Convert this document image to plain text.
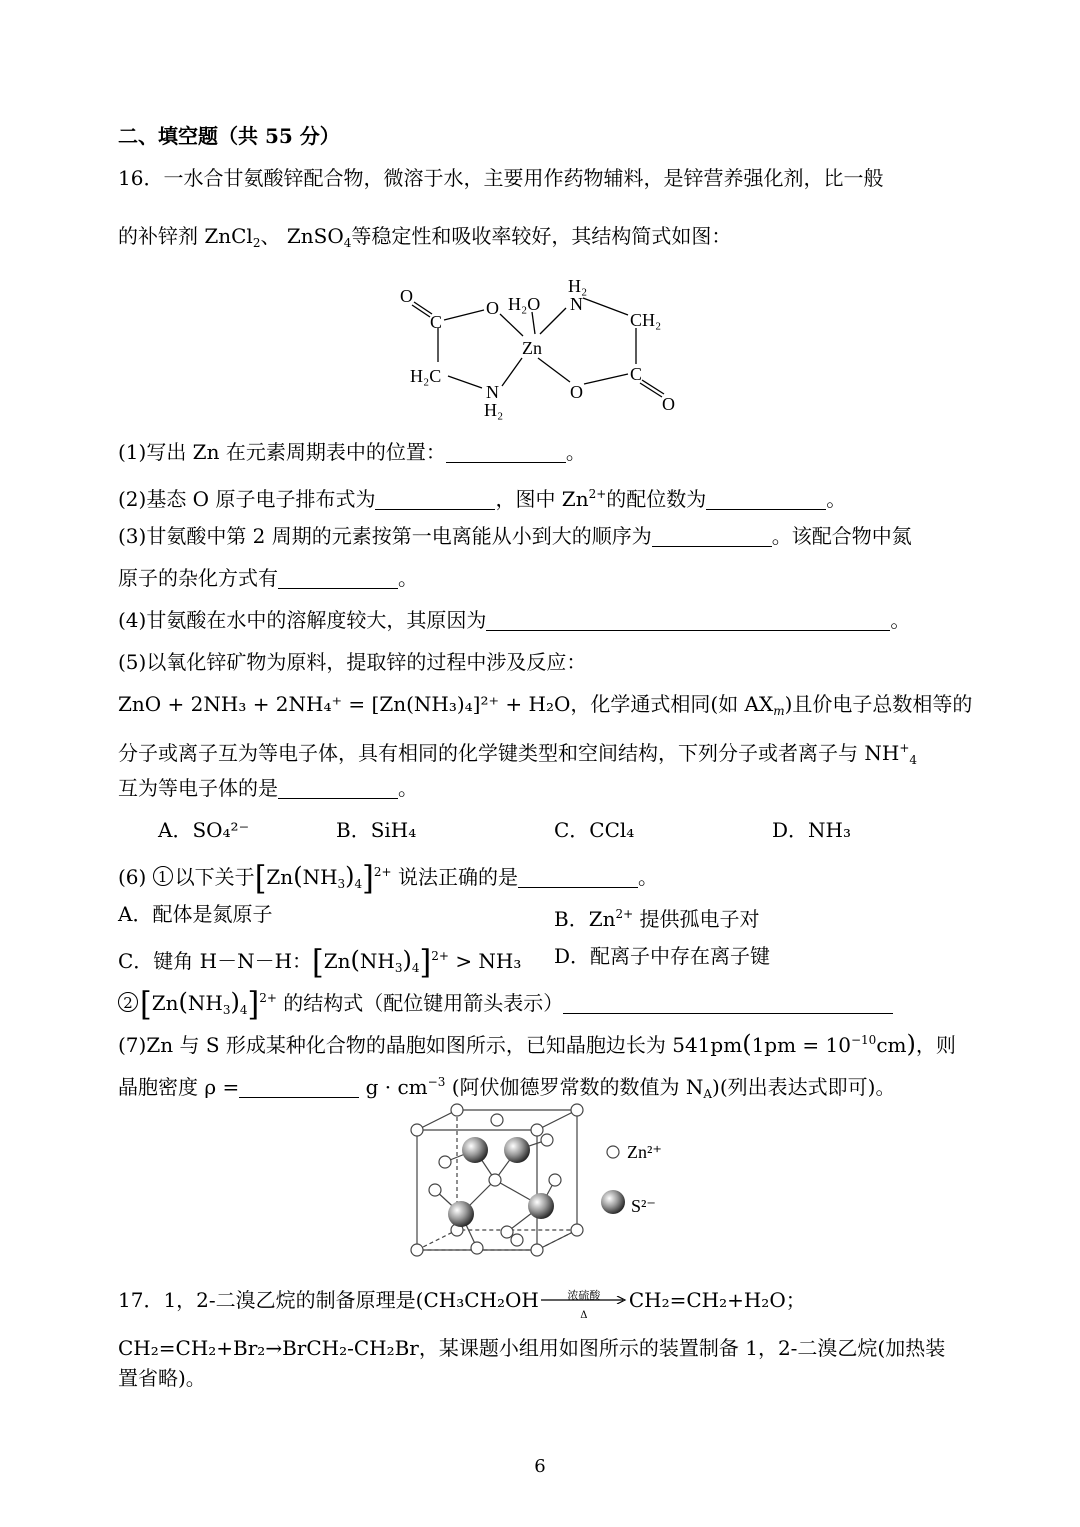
二、填空题（共 55 分）
16．一水合甘氨酸锌配合物，微溶于水，主要用作药物辅料，是锌营养强化剂，比一般
的补锌剂 ZnCl$_2$、 ZnSO$_4$等稳定性和吸收率较好，其结构简式如图：
O
C
O H₂O
H₂
N
CH₂
Zn
H₂C
N
H₂
O
C
O
(1)写出 Zn 在元素周期表中的位置：	。
(2)基态 O 原子电子排布式为	，图中 $Zn^{2+}$的配位数为	。
(3)甘氨酸中第 2 周期的元素按第一电离能从小到大的顺序为	。该配合物中氮
原子的杂化方式有	。
(4)甘氨酸在水中的溶解度较大，其原因为	。
(5)以氧化锌矿物为原料，提取锌的过程中涉及反应：
ZnO + 2NH₃ + 2NH₄⁺ = [Zn(NH₃)₄]²⁺ + H₂O，化学通式相同(如 $AX_m$)且价电子总数相等的
分子或离子互为等电子体，具有相同的化学键类型和空间结构，下列分子或者离子与 $NH^+_4$
互为等电子体的是	。
A．SO₄²⁻	B．SiH₄	C．CCl₄	D．NH₃
(6) 1 以下关于$[Zn(NH_3)_4]^{2+}$ 说法正确的是	。
A．配体是氮原子	B．$Zn^{2+}$ 提供孤电子对
C．键角 H－N－H：$[Zn(NH_3)_4]^{2+} > NH_3$ D．配离子中存在离子键
2 $[Zn(NH_3)_4]^{2+}$ 的结构式（配位键用箭头表示）
(7)Zn 与 S 形成某种化合物的晶胞如图所示，已知晶胞边长为 $541pm(1pm = 10^{-10}cm)$，则
晶胞密度 ρ =	$g \cdot cm^{-3}$ (阿伏伽德罗常数的数值为 $N_A$)(列出表达式即可)。
Zn²⁺
S²⁻
17．1，2-二溴乙烷的制备原理是(CH₃CH₂OH	浓硫酸
Δ
CH₂=CH₂+H₂O；
CH₂=CH₂+Br₂→BrCH₂-CH₂Br，某课题小组用如图所示的装置制备 1，2-二溴乙烷(加热装
置省略)。
6
